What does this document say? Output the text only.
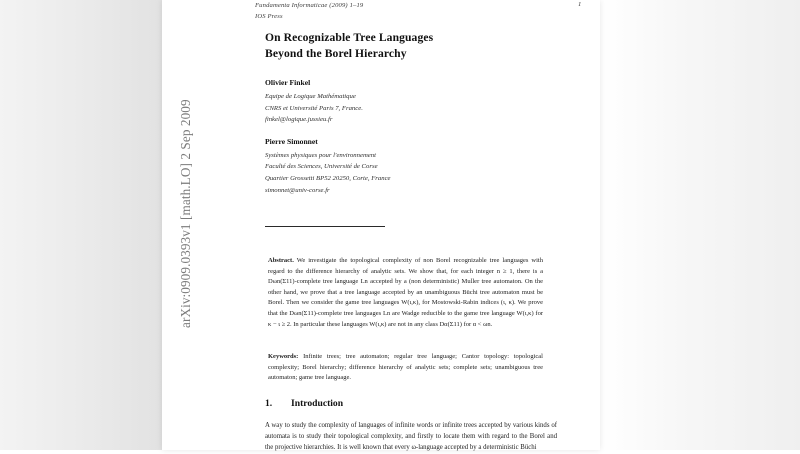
arXiv:0909.0393v1 [math.LO] 2 Sep 2009
Fundamenta Informaticae (2009) 1–19
IOS Press
1
On Recognizable Tree Languages
Beyond the Borel Hierarchy
Olivier Finkel
Equipe de Logique Mathématique
CNRS et Université Paris 7, France.
finkel@logique.jussieu.fr
Pierre Simonnet
Systèmes physiques pour l'environnement
Faculté des Sciences, Université de Corse
Quartier Grossetti BP52 20250, Corte, France
simonnet@univ-corse.fr
Abstract. We investigate the topological complexity of non Borel recognizable tree languages with regard to the difference hierarchy of analytic sets. We show that, for each integer n ≥ 1, there is a Dωn(Σ11)-complete tree language Ln accepted by a (non deterministic) Muller tree automaton. On the other hand, we prove that a tree language accepted by an unambiguous Büchi tree automaton must be Borel. Then we consider the game tree languages W(ι,κ), for Mostowski-Rabin indices (ι, κ). We prove that the Dωn(Σ11)-complete tree languages Ln are Wadge reducible to the game tree language W(ι,κ) for κ − ι ≥ 2. In particular these languages W(ι,κ) are not in any class Dα(Σ11) for α < ωn.
Keywords: Infinite trees; tree automaton; regular tree language; Cantor topology: topological complexity; Borel hierarchy; difference hierarchy of analytic sets; complete sets; unambiguous tree automaton; game tree language.
1. Introduction
A way to study the complexity of languages of infinite words or infinite trees accepted by various kinds of automata is to study their topological complexity, and firstly to locate them with regard to the Borel and the projective hierarchies. It is well known that every ω-language accepted by a deterministic Büchi
